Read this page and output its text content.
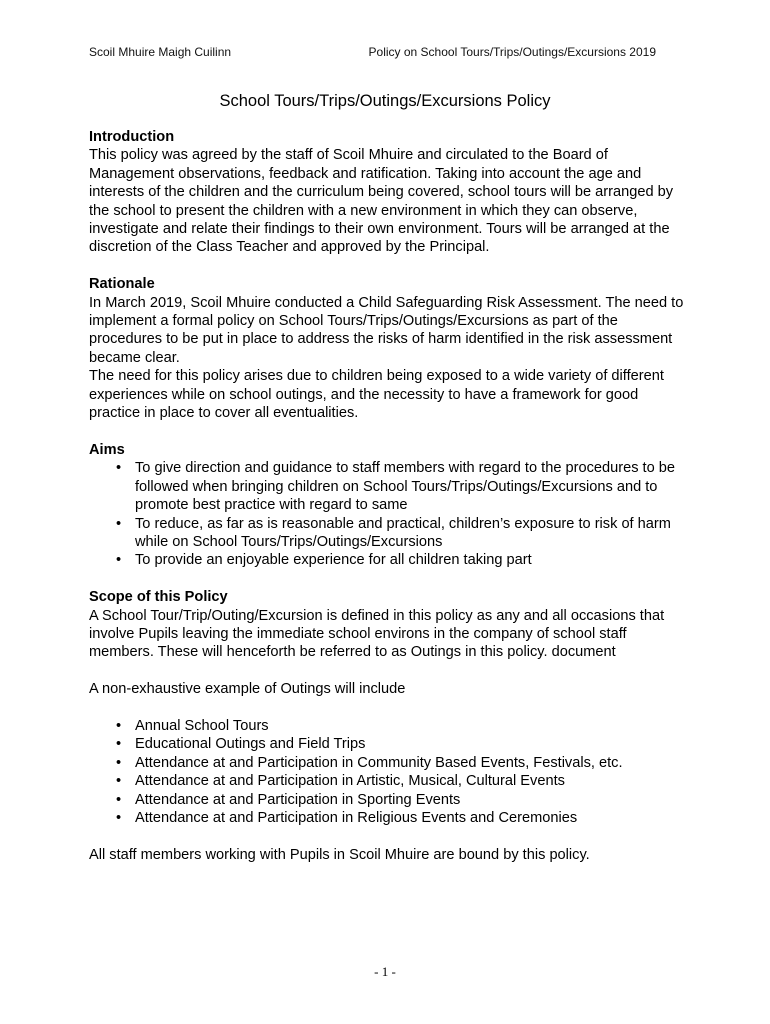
Scoil Mhuire Maigh Cuilinn	Policy on School Tours/Trips/Outings/Excursions 2019
School Tours/Trips/Outings/Excursions Policy

Introduction

This policy was agreed by the staff of Scoil Mhuire and circulated to the Board of Management observations, feedback and ratification. Taking into account the age and interests of the children and the curriculum being covered, school tours will be arranged by the school to present the children with a new environment in which they can observe, investigate and relate their findings to their own environment. Tours will be arranged at the discretion of the Class Teacher and approved by the Principal.

Rationale

In March 2019, Scoil Mhuire conducted a Child Safeguarding Risk Assessment. The need to implement a formal policy on School Tours/Trips/Outings/Excursions as part of the procedures to be put in place to address the risks of harm identified in the risk assessment became clear.

The need for this policy arises due to children being exposed to a wide variety of different experiences while on school outings, and the necessity to have a framework for good practice in place to cover all eventualities.

Aims

• To give direction and guidance to staff members with regard to the procedures to be followed when bringing children on School Tours/Trips/Outings/Excursions and to promote best practice with regard to same
• To reduce, as far as is reasonable and practical, children’s exposure to risk of harm while on School Tours/Trips/Outings/Excursions
• To provide an enjoyable experience for all children taking part

Scope of this Policy

A School Tour/Trip/Outing/Excursion is defined in this policy as any and all occasions that involve Pupils leaving the immediate school environs in the company of school staff members. These will henceforth be referred to as Outings in this policy. document

A non-exhaustive example of Outings will include

• Annual School Tours
• Educational Outings and Field Trips
• Attendance at and Participation in Community Based Events, Festivals, etc.
• Attendance at and Participation in Artistic, Musical, Cultural Events
• Attendance at and Participation in Sporting Events
• Attendance at and Participation in Religious Events and Ceremonies

All staff members working with Pupils in Scoil Mhuire are bound by this policy.

- 1 -
